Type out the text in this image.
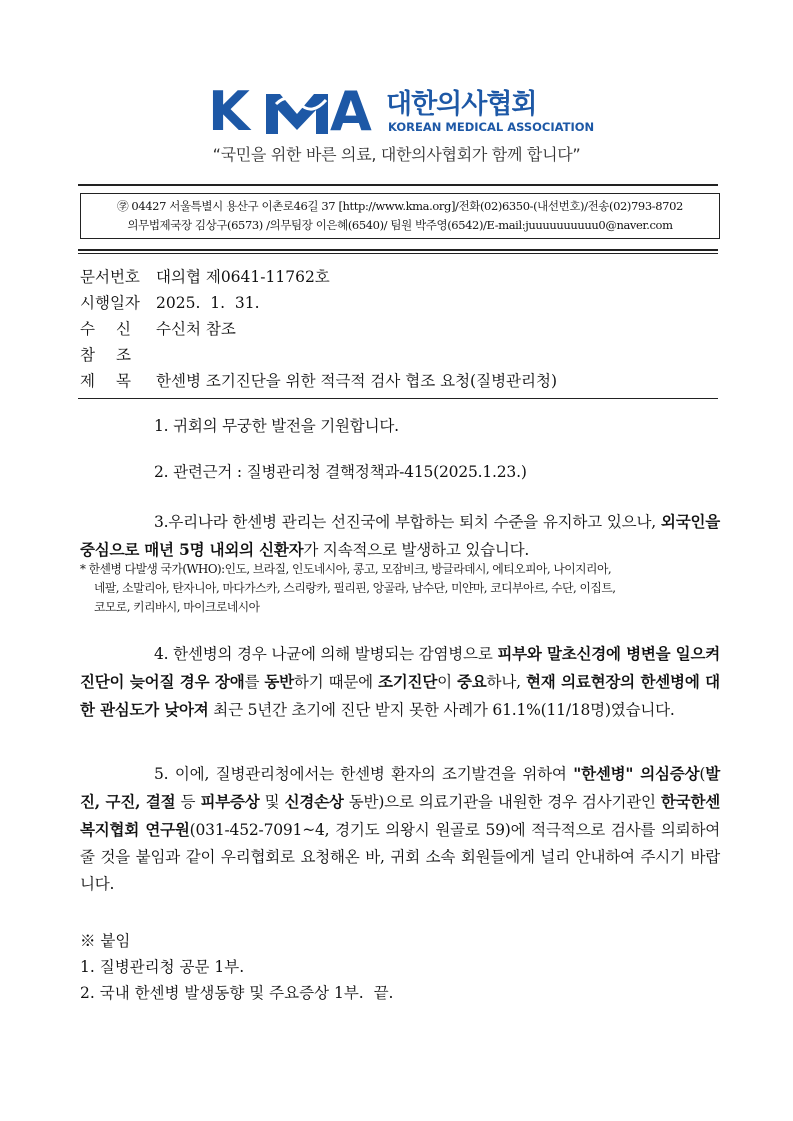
K A 대한의사협회
KOREAN MEDICAL ASSOCIATION
“국민을 위한 바른 의료, 대한의사협회가 함께 합니다”
㊫ 04427 서울특별시 용산구 이촌로46길 37 [http://www.kma.org]/전화(02)6350-(내선번호)/전송(02)793-8702
의무법제국장 김상구(6573) /의무팀장 이은혜(6540)/ 팀원 박주영(6542)/E-mail:juuuuuuuuuu0@naver.com
문서번호 대의협 제0641-11762호
시행일자 2025.  1.  31.
수신 수신처 참조
참조
제목 한센병 조기진단을 위한 적극적 검사 협조 요청(질병관리청)
1. 귀회의 무궁한 발전을 기원합니다.
2. 관련근거 : 질병관리청 결핵정책과-415(2025.1.23.)
3.우리나라 한센병 관리는 선진국에 부합하는 퇴치 수준을 유지하고 있으나, 외국인을 중심으로 매년 5명 내외의 신환자가 지속적으로 발생하고 있습니다.
* 한센병 다발생 국가(WHO):인도, 브라질, 인도네시아, 콩고, 모잠비크, 방글라데시, 에티오피아, 나이지리아,
네팔, 소말리아, 탄자니아, 마다가스카, 스리랑카, 필리핀, 앙골라, 남수단, 미얀마, 코디부아르, 수단, 이집트,
코모로, 키리바시, 마이크로네시아
4. 한센병의 경우 나균에 의해 발병되는 감염병으로 피부와 말초신경에 병변을 일으켜 진단이 늦어질 경우 장애를 동반하기 때문에 조기진단이 중요하나, 현재 의료현장의 한센병에 대한 관심도가 낮아져 최근 5년간 초기에 진단 받지 못한 사례가 61.1%(11/18명)였습니다.
5. 이에, 질병관리청에서는 한센병 환자의 조기발견을 위하여 "한센병" 의심증상(발진, 구진, 결절 등 피부증상 및 신경손상 동반)으로 의료기관을 내원한 경우 검사기관인 한국한센복지협회 연구원(031-452-7091~4, 경기도 의왕시 원골로 59)에 적극적으로 검사를 의뢰하여 줄 것을 붙임과 같이 우리협회로 요청해온 바, 귀회 소속 회원들에게 널리 안내하여 주시기 바랍니다.
※ 붙임
1. 질병관리청 공문 1부.
2. 국내 한센병 발생동향 및 주요증상 1부.  끝.
